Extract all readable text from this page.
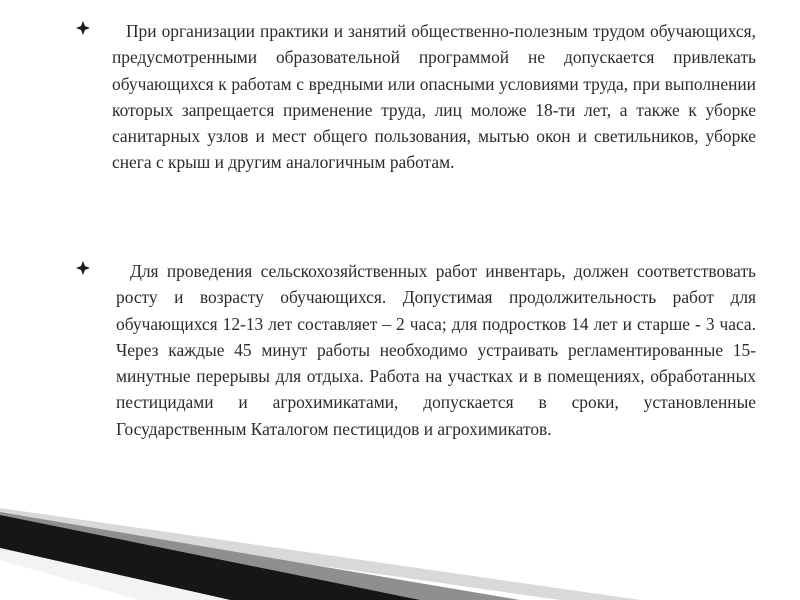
При организации практики и занятий общественно-полезным трудом обучающихся, предусмотренными образовательной программой не допускается привлекать обучающихся к работам с вредными или опасными условиями труда, при выполнении которых запрещается применение труда, лиц моложе 18-ти лет, а также к уборке санитарных узлов и мест общего пользования, мытью окон и светильников, уборке снега с крыш и другим аналогичным работам.

Для проведения сельскохозяйственных работ инвентарь, должен соответствовать росту и возрасту обучающихся. Допустимая продолжительность работ для обучающихся 12-13 лет составляет – 2 часа; для подростков 14 лет и старше - 3 часа. Через каждые 45 минут работы необходимо устраивать регламентированные 15-минутные перерывы для отдыха. Работа на участках и в помещениях, обработанных пестицидами и агрохимикатами, допускается в сроки, установленные Государственным Каталогом пестицидов и агрохимикатов.
